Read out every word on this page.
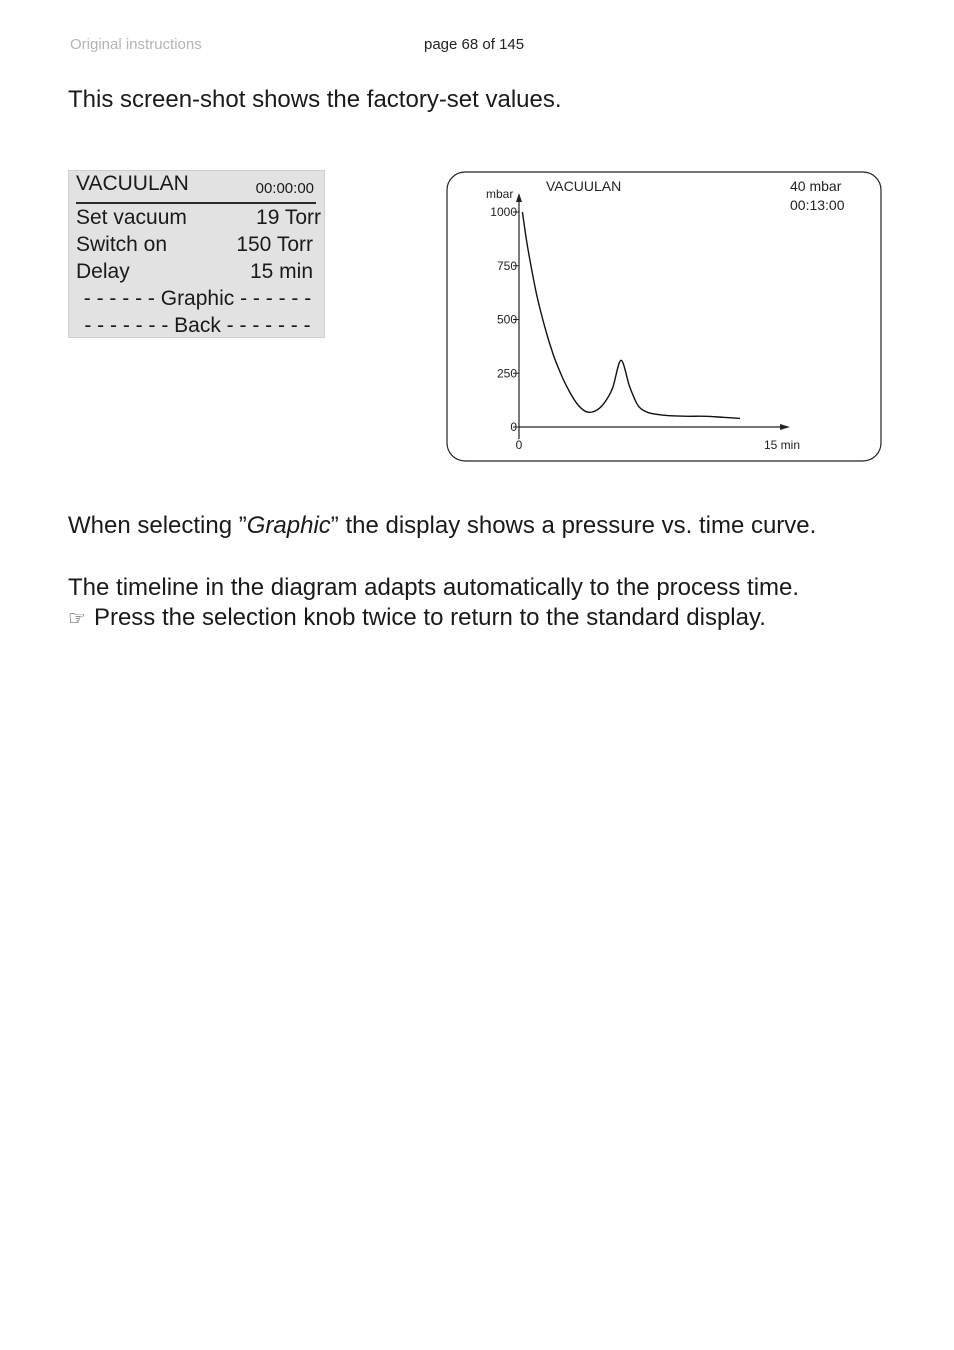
Original instructions	page 68 of 145
This screen-shot shows the factory-set values.
VACUULAN	00:00:00
Set vacuum	19 Torr
Switch on	150 Torr
Delay	15 min
- - - - - - Graphic - - - - - -
- - - - - - - Back - - - - - - -
VACUULAN	40 mbar
00:13:00
mbar
1000
750
500
250
0
0	15 min
When selecting ”Graphic” the display shows a pressure vs. time curve.
The timeline in the diagram adapts automatically to the process time.
☞ Press the selection knob twice to return to the standard display.
